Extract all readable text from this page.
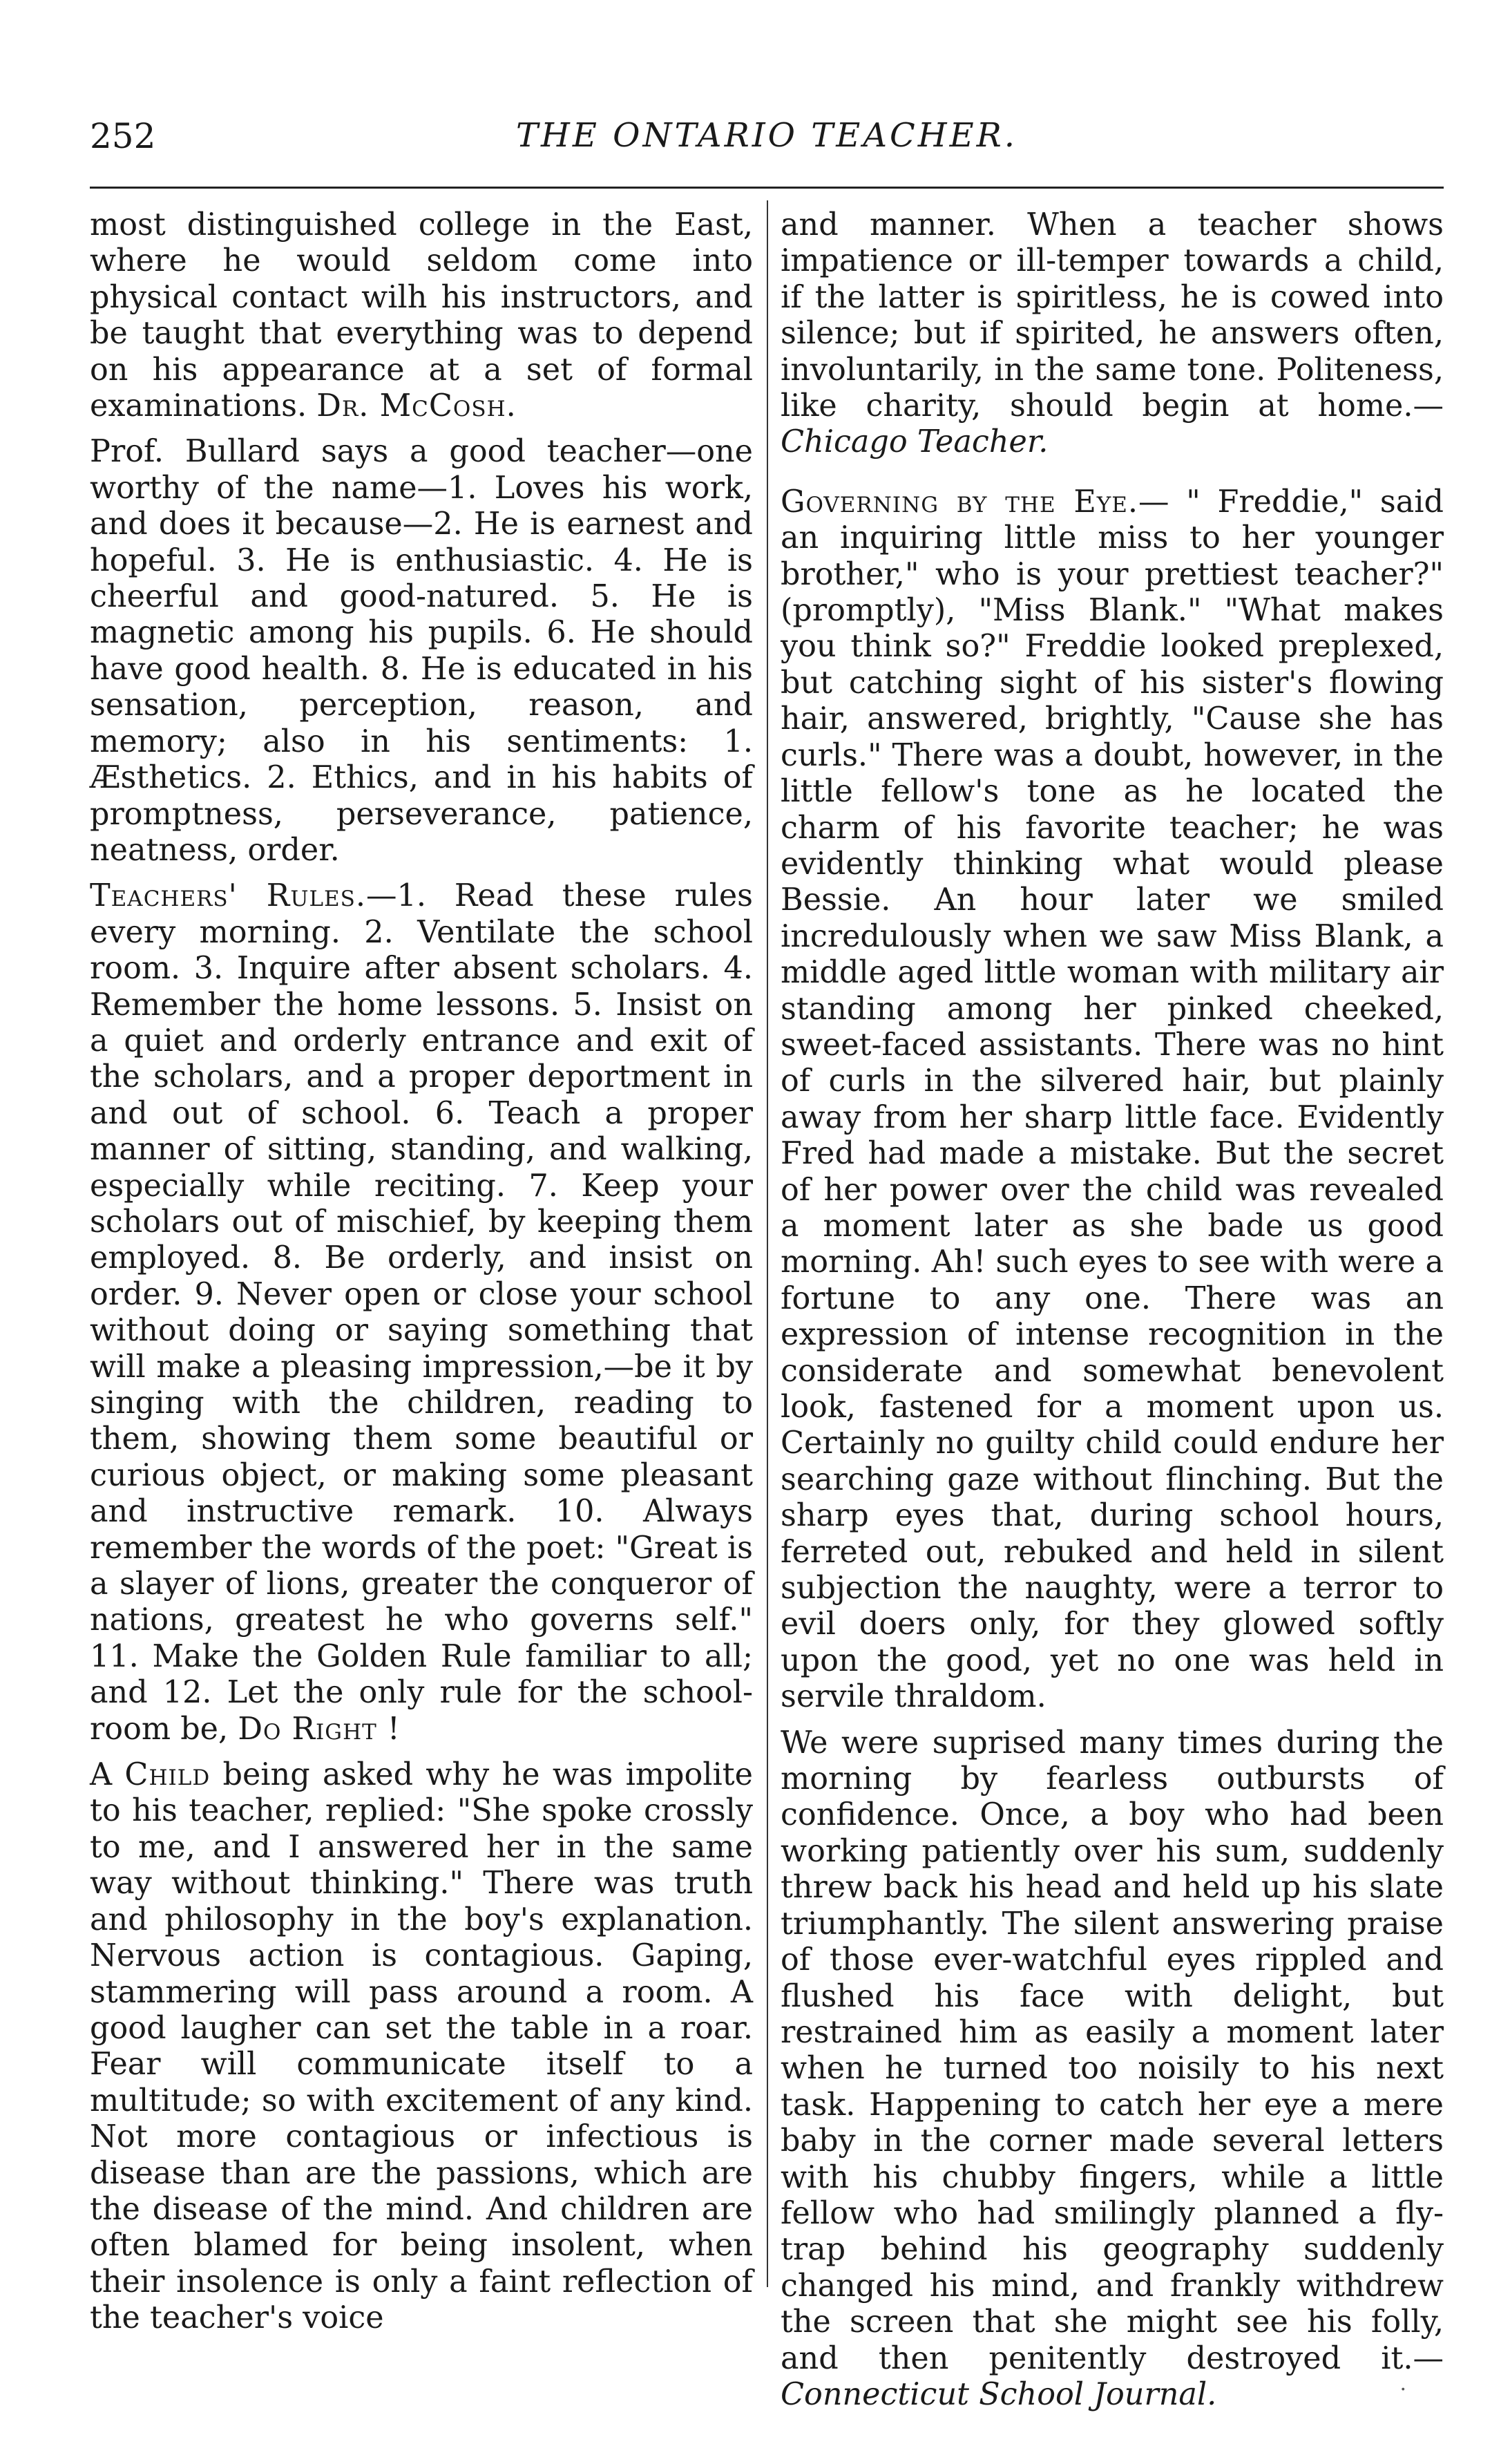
252	THE ONTARIO TEACHER.

most distinguished college in the East, where he would seldom come into physical contact wilh his instructors, and be taught that everything was to depend on his appearance at a set of formal examinations. Dr. McCosh.

Prof. Bullard says a good teacher—one worthy of the name—1. Loves his work, and does it because—2. He is earnest and hopeful. 3. He is enthusiastic. 4. He is cheerful and good-natured. 5. He is magnetic among his pupils. 6. He should have good health. 8. He is educated in his sensation, perception, reason, and memory; also in his sentiments: 1. Æsthetics. 2. Ethics, and in his habits of promptness, perseverance, patience, neatness, order.

Teachers' Rules.—1. Read these rules every morning. 2. Ventilate the school room. 3. Inquire after absent scholars. 4. Remember the home lessons. 5. Insist on a quiet and orderly entrance and exit of the scholars, and a proper deportment in and out of school. 6. Teach a proper manner of sitting, standing, and walking, especially while reciting. 7. Keep your scholars out of mischief, by keeping them employed. 8. Be orderly, and insist on order. 9. Never open or close your school without doing or saying something that will make a pleasing impression,—be it by singing with the children, reading to them, showing them some beautiful or curious object, or making some pleasant and instructive remark. 10. Always remember the words of the poet: "Great is a slayer of lions, greater the conqueror of nations, greatest he who governs self." 11. Make the Golden Rule familiar to all; and 12. Let the only rule for the school-room be, Do Right !

A Child being asked why he was impolite to his teacher, replied: "She spoke crossly to me, and I answered her in the same way without thinking." There was truth and philosophy in the boy's explanation. Nervous action is contagious. Gaping, stammering will pass around a room. A good laugher can set the table in a roar. Fear will communicate itself to a multitude; so with excitement of any kind. Not more contagious or infectious is disease than are the passions, which are the disease of the mind. And children are often blamed for being insolent, when their insolence is only a faint reflection of the teacher's voice

and manner. When a teacher shows impatience or ill-temper towards a child, if the latter is spiritless, he is cowed into silence; but if spirited, he answers often, involuntarily, in the same tone. Politeness, like charity, should begin at home.—Chicago Teacher.

Governing by the Eye.— " Freddie," said an inquiring little miss to her younger brother," who is your prettiest teacher?" (promptly), "Miss Blank." "What makes you think so?" Freddie looked preplexed, but catching sight of his sister's flowing hair, answered, brightly, "Cause she has curls." There was a doubt, however, in the little fellow's tone as he located the charm of his favorite teacher; he was evidently thinking what would please Bessie. An hour later we smiled incredulously when we saw Miss Blank, a middle aged little woman with military air standing among her pinked cheeked, sweet-faced assistants. There was no hint of curls in the silvered hair, but plainly away from her sharp little face. Evidently Fred had made a mistake. But the secret of her power over the child was revealed a moment later as she bade us good morning. Ah! such eyes to see with were a fortune to any one. There was an expression of intense recognition in the considerate and somewhat benevolent look, fastened for a moment upon us. Certainly no guilty child could endure her searching gaze without flinching. But the sharp eyes that, during school hours, ferreted out, rebuked and held in silent subjection the naughty, were a terror to evil doers only, for they glowed softly upon the good, yet no one was held in servile thraldom.

We were suprised many times during the morning by fearless outbursts of confidence. Once, a boy who had been working patiently over his sum, suddenly threw back his head and held up his slate triumphantly. The silent answering praise of those ever-watchful eyes rippled and flushed his face with delight, but restrained him as easily a moment later when he turned too noisily to his next task. Happening to catch her eye a mere baby in the corner made several letters with his chubby fingers, while a little fellow who had smilingly planned a fly-trap behind his geography suddenly changed his mind, and frankly withdrew the screen that she might see his folly, and then penitently destroyed it.—Connecticut School Journal.	·
